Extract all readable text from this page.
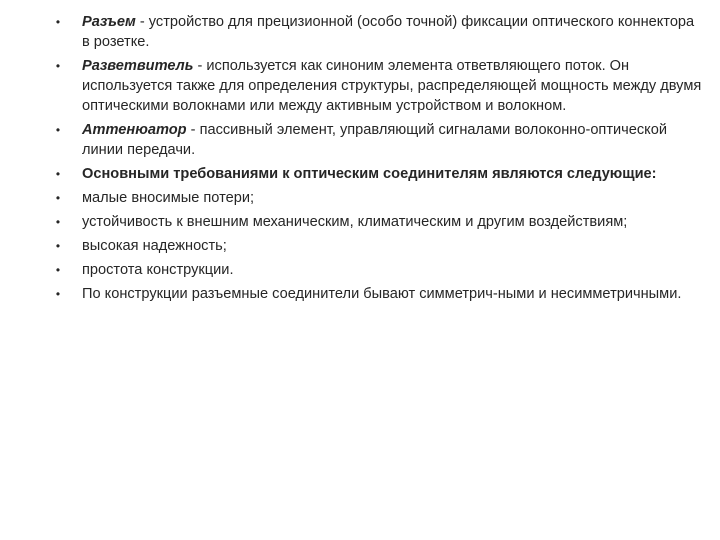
• Разъем - устройство для прецизионной (особо точной) фиксации оптического коннектора в розетке.
• Разветвитель - используется как синоним элемента ответвляющего поток. Он используется также для определения структуры, распределяющей мощность между двумя оптическими волокнами или между активным устройством и волокном.
• Аттенюатор - пассивный элемент, управляющий сигналами волоконно-оптической линии передачи.
• Основными требованиями к оптическим соединителям являются следующие:
• малые вносимые потери;
• устойчивость к внешним механическим, климатическим и другим воздействиям;
• высокая надежность;
• простота конструкции.
• По конструкции разъемные соединители бывают симметрич-ными и несимметричными.
